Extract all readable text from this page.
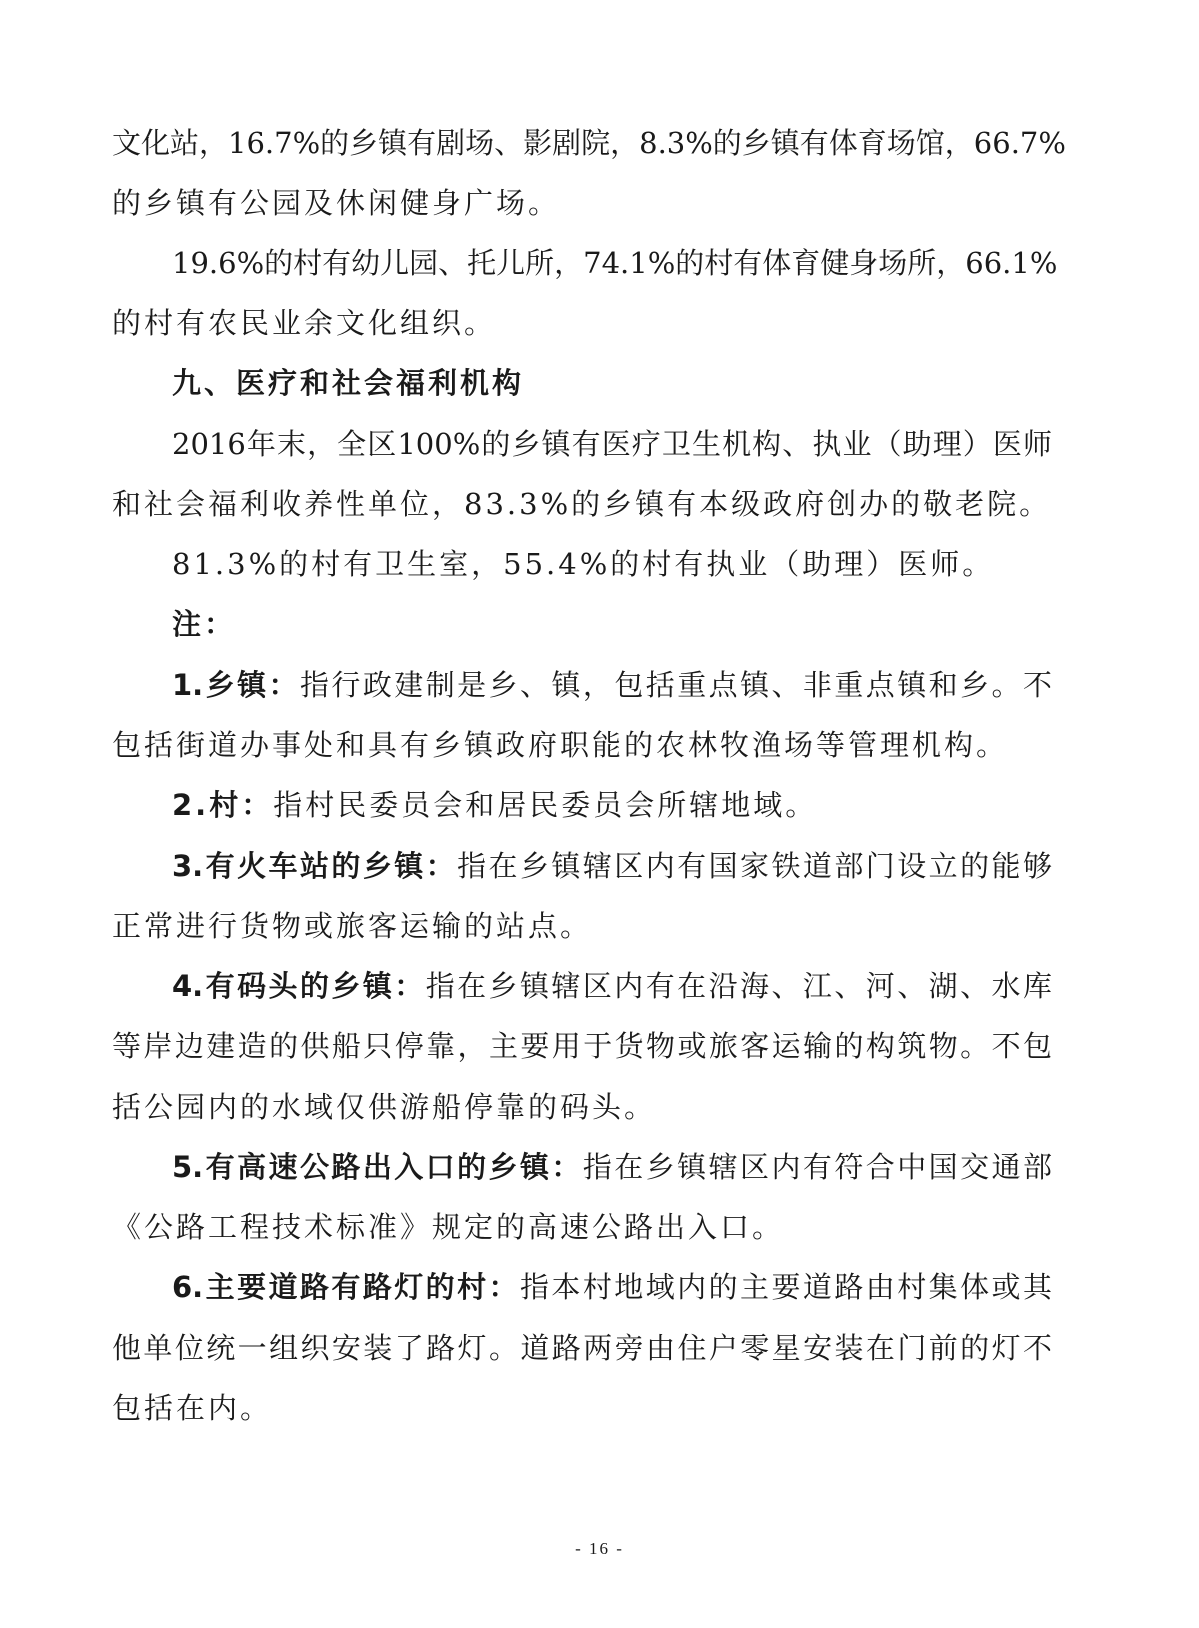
文化站，16.7%的乡镇有剧场、影剧院，8.3%的乡镇有体育场馆，66.7%
的乡镇有公园及休闲健身广场。
19.6%的村有幼儿园、托儿所，74.1%的村有体育健身场所，66.1%
的村有农民业余文化组织。
九、医疗和社会福利机构
2016年末，全区100%的乡镇有医疗卫生机构、执业（助理）医师
和社会福利收养性单位，83.3%的乡镇有本级政府创办的敬老院。
81.3%的村有卫生室，55.4%的村有执业（助理）医师。
注：
1.乡镇：指行政建制是乡、镇，包括重点镇、非重点镇和乡。不
包括街道办事处和具有乡镇政府职能的农林牧渔场等管理机构。
2.村：指村民委员会和居民委员会所辖地域。
3.有火车站的乡镇：指在乡镇辖区内有国家铁道部门设立的能够
正常进行货物或旅客运输的站点。
4.有码头的乡镇：指在乡镇辖区内有在沿海、江、河、湖、水库
等岸边建造的供船只停靠，主要用于货物或旅客运输的构筑物。不包
括公园内的水域仅供游船停靠的码头。
5.有高速公路出入口的乡镇：指在乡镇辖区内有符合中国交通部
《公路工程技术标准》规定的高速公路出入口。
6.主要道路有路灯的村：指本村地域内的主要道路由村集体或其
他单位统一组织安装了路灯。道路两旁由住户零星安装在门前的灯不
包括在内。
- 16 -
